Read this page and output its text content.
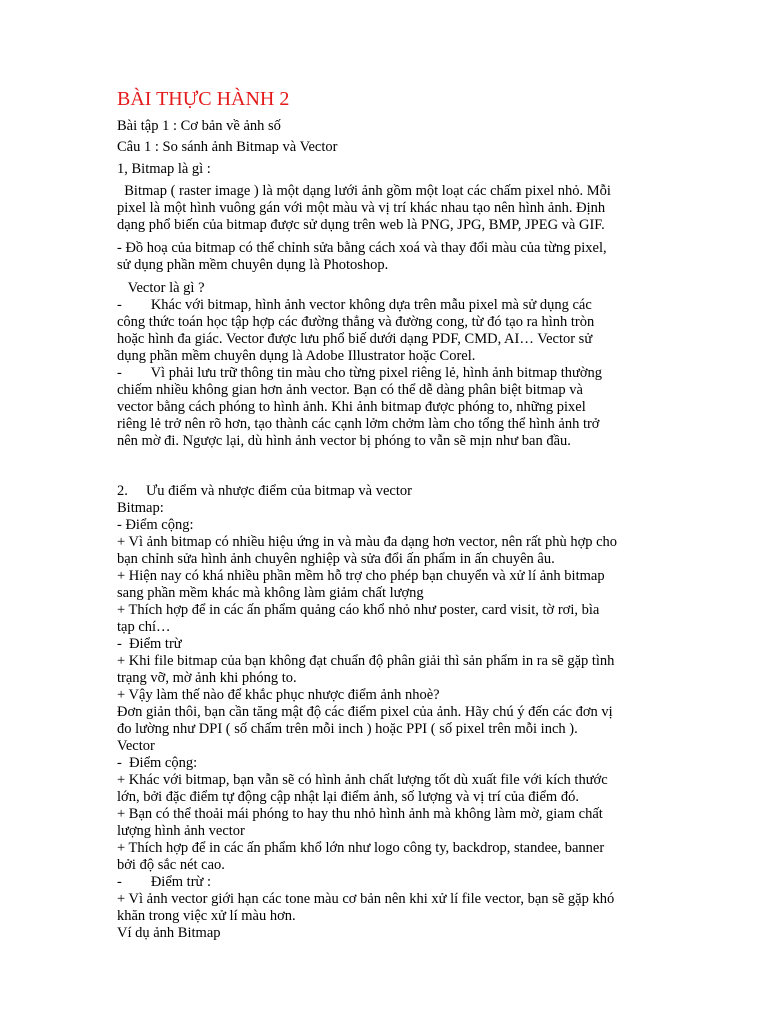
BÀI THỰC HÀNH 2

Bài tập 1 : Cơ bản về ảnh số

Câu 1 : So sánh ảnh Bitmap và Vector

1, Bitmap là gì :

Bitmap ( raster image ) là một dạng lưới ảnh gồm một loạt các chấm pixel nhỏ. Mỗi

pixel là một hình vuông gán với một màu và vị trí khác nhau tạo nên hình ảnh. Định

dạng phổ biến của bitmap được sử dụng trên web là PNG, JPG, BMP, JPEG và GIF.

- Đồ hoạ của bitmap có thể chỉnh sửa bằng cách xoá và thay đổi màu của từng pixel,

sử dụng phần mềm chuyên dụng là Photoshop.

Vector là gì ?

-        Khác với bitmap, hình ảnh vector không dựa trên mẫu pixel mà sử dụng các

công thức toán học tập hợp các đường thẳng và đường cong, từ đó tạo ra hình tròn

hoặc hình đa giác. Vector được lưu phổ biế dưới dạng PDF, CMD, AI… Vector sử

dụng phần mềm chuyên dụng là Adobe Illustrator hoặc Corel.

-        Vì phải lưu trữ thông tin màu cho từng pixel riêng lẻ, hình ảnh bitmap thường

chiếm nhiều không gian hơn ảnh vector. Bạn có thể dễ dàng phân biệt bitmap và

vector bằng cách phóng to hình ảnh. Khi ảnh bitmap được phóng to, những pixel

riêng lẻ trở nên rõ hơn, tạo thành các cạnh lởm chởm làm cho tổng thể hình ảnh trở

nên mờ đi. Ngược lại, dù hình ảnh vector bị phóng to vẫn sẽ mịn như ban đầu.

2.     Ưu điểm và nhược điểm của bitmap và vector

Bitmap:

- Điểm cộng:

+ Vì ảnh bitmap có nhiều hiệu ứng in và màu đa dạng hơn vector, nên rất phù hợp cho

bạn chỉnh sửa hình ảnh chuyên nghiệp và sửa đổi ấn phẩm in ấn chuyên âu.

+ Hiện nay có khá nhiều phần mềm hỗ trợ cho phép bạn chuyển và xử lí ảnh bitmap

sang phần mềm khác mà không làm giảm chất lượng

+ Thích hợp để in các ấn phẩm quảng cáo khổ nhỏ như poster, card visit, tờ rơi, bìa

tạp chí…

-  Điểm trừ

+ Khi file bitmap của bạn không đạt chuẩn độ phân giải thì sản phẩm in ra sẽ gặp tình

trạng vỡ, mờ ảnh khi phóng to.

+ Vậy làm thế nào để khắc phục nhược điểm ảnh nhoè?

Đơn giản thôi, bạn cần tăng mật độ các điểm pixel của ảnh. Hãy chú ý đến các đơn vị

đo lường như DPI ( số chấm trên mỗi inch ) hoặc PPI ( số pixel trên mỗi inch ).

Vector

-  Điểm cộng:

+ Khác với bitmap, bạn vẫn sẽ có hình ảnh chất lượng tốt dù xuất file với kích thước

lớn, bởi đặc điểm tự động cập nhật lại điểm ảnh, số lượng và vị trí của điểm đó.

+ Bạn có thể thoải mái phóng to hay thu nhỏ hình ảnh mà không làm mờ, giam chất

lượng hình ảnh vector

+ Thích hợp để in các ấn phẩm khổ lớn như logo công ty, backdrop, standee, banner

bởi độ sắc nét cao.

-        Điểm trừ :

+ Vì ảnh vector giới hạn các tone màu cơ bản nên khi xử lí file vector, bạn sẽ gặp khó

khăn trong việc xử lí màu hơn.

Ví dụ ảnh Bitmap
